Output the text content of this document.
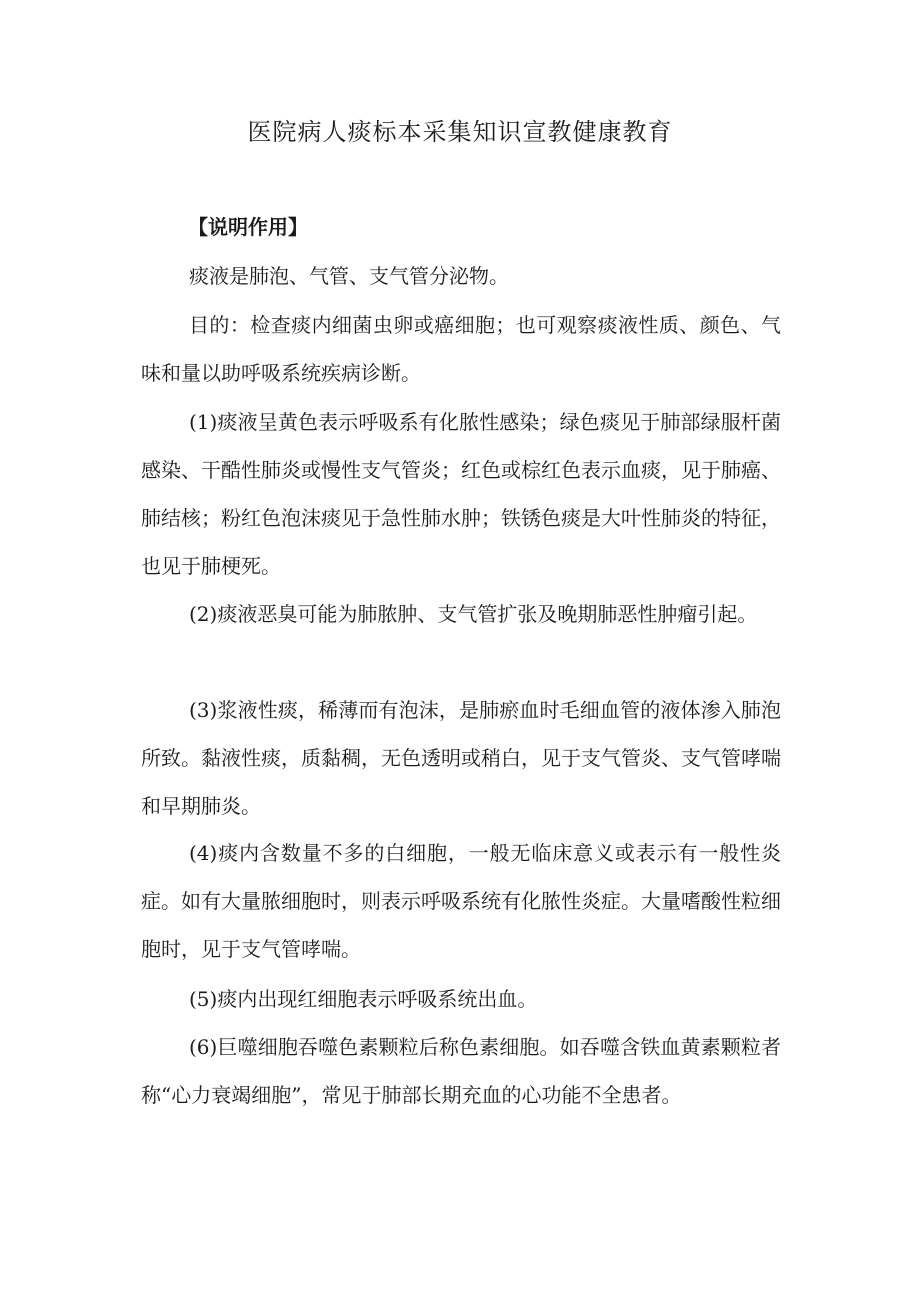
医院病人痰标本采集知识宣教健康教育
【说明作用】
痰液是肺泡、气管、支气管分泌物。
目的：检查痰内细菌虫卵或癌细胞；也可观察痰液性质、颜色、气味和量以助呼吸系统疾病诊断。
(1)痰液呈黄色表示呼吸系有化脓性感染；绿色痰见于肺部绿服杆菌感染、干酷性肺炎或慢性支气管炎；红色或棕红色表示血痰，见于肺癌、肺结核；粉红色泡沫痰见于急性肺水肿；铁锈色痰是大叶性肺炎的特征，也见于肺梗死。
(2)痰液恶臭可能为肺脓肿、支气管扩张及晚期肺恶性肿瘤引起。
(3)浆液性痰，稀薄而有泡沫，是肺瘀血时毛细血管的液体渗入肺泡所致。黏液性痰，质黏稠，无色透明或稍白，见于支气管炎、支气管哮喘和早期肺炎。
(4)痰内含数量不多的白细胞，一般无临床意义或表示有一般性炎症。如有大量脓细胞时，则表示呼吸系统有化脓性炎症。大量嗜酸性粒细胞时，见于支气管哮喘。
(5)痰内出现红细胞表示呼吸系统出血。
(6)巨噬细胞吞噬色素颗粒后称色素细胞。如吞噬含铁血黄素颗粒者称“心力衰竭细胞”，常见于肺部长期充血的心功能不全患者。
